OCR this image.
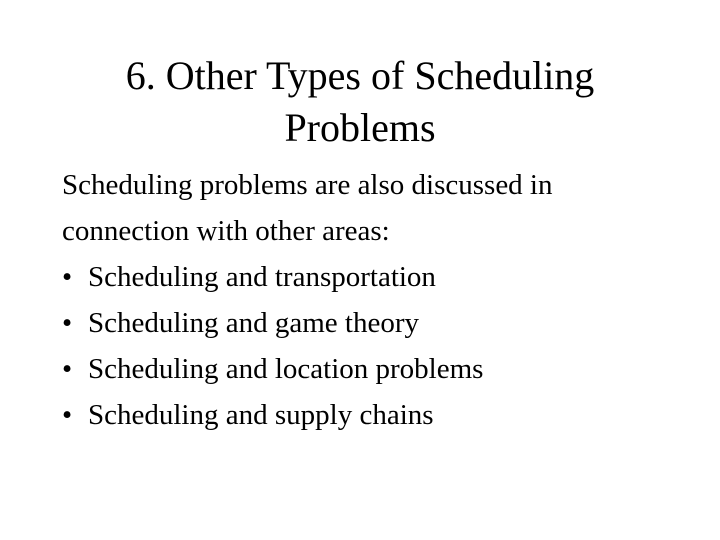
6. Other Types of Scheduling
Problems
Scheduling problems are also discussed in
connection with other areas:
• Scheduling and transportation
• Scheduling and game theory
• Scheduling and location problems
• Scheduling and supply chains
